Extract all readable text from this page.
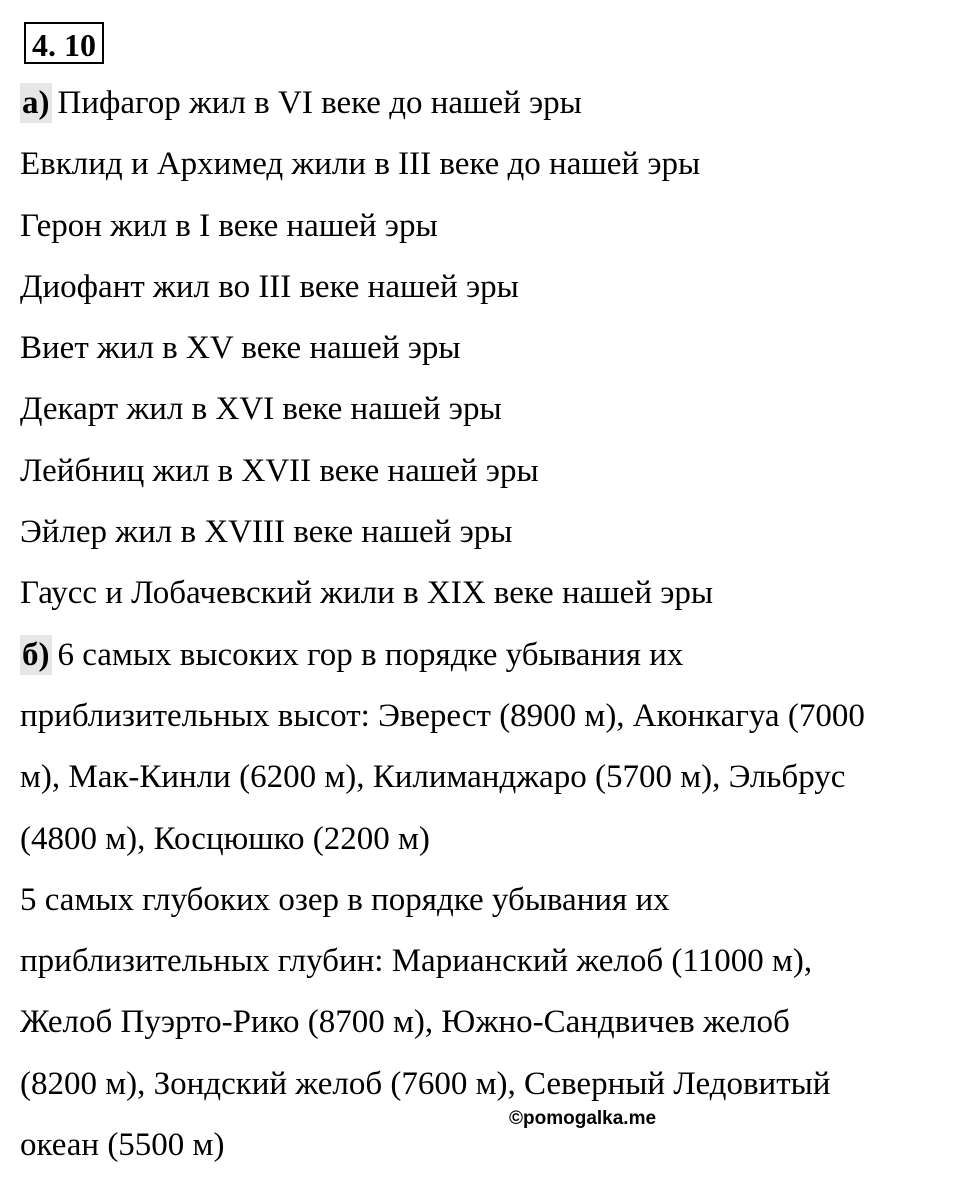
4. 10
а) Пифагор жил в VI веке до нашей эры
Евклид и Архимед жили в III веке до нашей эры
Герон жил в I веке нашей эры
Диофант жил во III веке нашей эры
Виет жил в XV веке нашей эры
Декарт жил в XVI веке нашей эры
Лейбниц жил в XVII веке нашей эры
Эйлер жил в XVIII веке нашей эры
Гаусс и Лобачевский жили в XIX веке нашей эры
б) 6 самых высоких гор в порядке убывания их
приблизительных высот: Эверест (8900 м), Аконкагуа (7000
м), Мак-Кинли (6200 м), Килиманджаро (5700 м), Эльбрус
(4800 м), Косцюшко (2200 м)
5 самых глубоких озер в порядке убывания их
приблизительных глубин: Марианский желоб (11000 м),
Желоб Пуэрто-Рико (8700 м), Южно-Сандвичев желоб
(8200 м), Зондский желоб (7600 м), Северный Ледовитый
океан (5500 м)
©pomogalka.me
